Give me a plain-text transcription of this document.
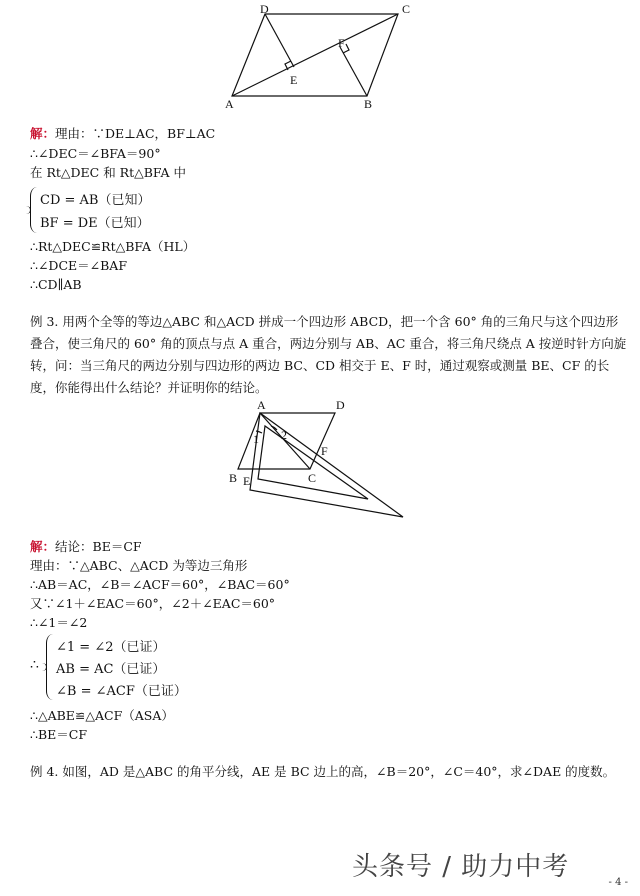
A	B
C
D
E
F
解：理由：∵DE⊥AC，BF⊥AC
∴∠DEC＝∠BFA＝90°
在 Rt△DEC 和 Rt△BFA 中
CD = AB（已知）
BF = DE（已知）
∴Rt△DEC≌Rt△BFA（HL）
∴∠DCE＝∠BAF
∴CD∥AB
例 3. 用两个全等的等边△ABC 和△ACD 拼成一个四边形 ABCD，把一个含 60° 角的三角尺与这个四边形叠合，使三角尺的 60° 角的顶点与点 A 重合，两边分别与 AB、AC 重合，将三角尺绕点 A 按逆时针方向旋转，问：当三角尺的两边分别与四边形的两边 BC、CD 相交于 E、F 时，通过观察或测量 BE、CF 的长度，你能得出什么结论？并证明你的结论。
A	D
B E	C
F
1 2
解：结论：BE＝CF
理由：∵△ABC、△ACD 为等边三角形
∴AB＝AC，∠B＝∠ACF＝60°，∠BAC＝60°
又∵∠1＋∠EAC＝60°，∠2＋∠EAC＝60°
∴∠1＝∠2
∴
∠1 = ∠2（已证）
AB = AC（已证）
∠B = ∠ACF（已证）
∴△ABE≌△ACF（ASA）
∴BE＝CF
例 4. 如图，AD 是△ABC 的角平分线，AE 是 BC 边上的高，∠B＝20°，∠C＝40°，求∠DAE 的度数。
头条号 / 助力中考
- 4 -
